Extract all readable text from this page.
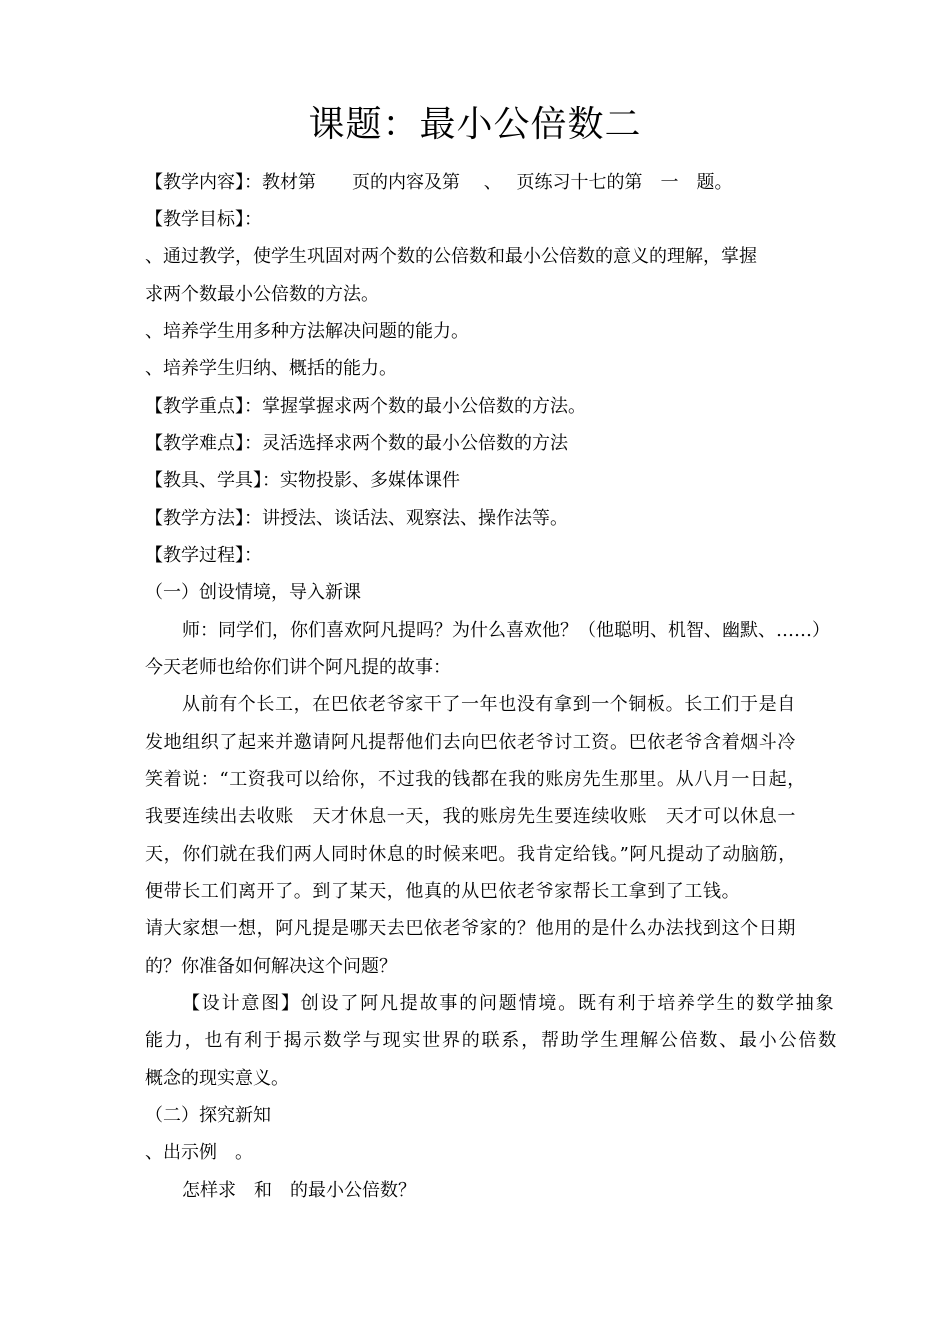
课题：最小公倍数二
【教学内容】：教材第　　页的内容及第　 、　 页练习十七的第　一　题。
【教学目标】：
、通过教学，使学生巩固对两个数的公倍数和最小公倍数的意义的理解，掌握
求两个数最小公倍数的方法。
、培养学生用多种方法解决问题的能力。
、培养学生归纳、概括的能力。
【教学重点】：掌握掌握求两个数的最小公倍数的方法。
【教学难点】：灵活选择求两个数的最小公倍数的方法
【教具、学具】：实物投影、多媒体课件
【教学方法】：讲授法、谈话法、观察法、操作法等。
【教学过程】：
（一）创设情境，导入新课
师：同学们，你们喜欢阿凡提吗？为什么喜欢他？（他聪明、机智、幽默、……）
今天老师也给你们讲个阿凡提的故事：
从前有个长工，在巴依老爷家干了一年也没有拿到一个铜板。长工们于是自
发地组织了起来并邀请阿凡提帮他们去向巴依老爷讨工资。巴依老爷含着烟斗冷
笑着说：“工资我可以给你，不过我的钱都在我的账房先生那里。从八月一日起，
我要连续出去收账　天才休息一天，我的账房先生要连续收账　天才可以休息一
天，你们就在我们两人同时休息的时候来吧。我肯定给钱。”阿凡提动了动脑筋，
便带长工们离开了。到了某天，他真的从巴依老爷家帮长工拿到了工钱。
请大家想一想，阿凡提是哪天去巴依老爷家的？他用的是什么办法找到这个日期
的？你准备如何解决这个问题？
【设计意图】创设了阿凡提故事的问题情境。既有利于培养学生的数学抽象
能力，也有利于揭示数学与现实世界的联系，帮助学生理解公倍数、最小公倍数
概念的现实意义。
（二）探究新知
、出示例　。
怎样求　和　的最小公倍数？
